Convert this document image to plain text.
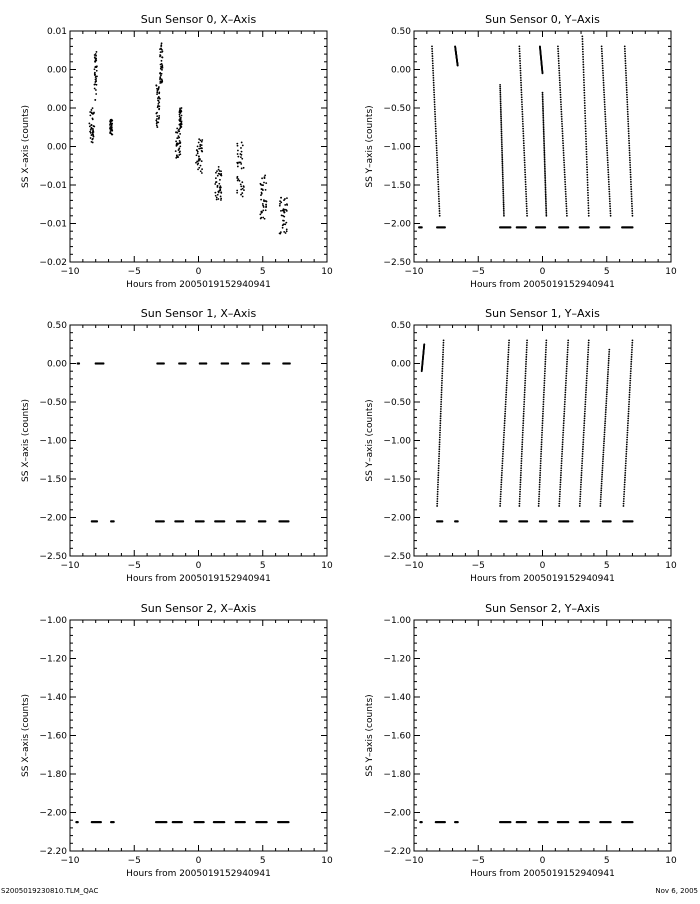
Sun Sensor 0, X–Axis
−10	−5	0	5	10
0.01
0.00
0.00
0.00
−0.01
−0.01
−0.02
Hours from 2005019152940941
SS X–axis (counts)
Sun Sensor 0, Y–Axis
−10	−5	0	5	10
0.50
0.00
−0.50
−1.00
−1.50
−2.00
−2.50
Hours from 2005019152940941
SS Y–axis (counts)
Sun Sensor 1, X–Axis
−10	−5	0	5	10
0.50
0.00
−0.50
−1.00
−1.50
−2.00
−2.50
Hours from 2005019152940941
SS X–axis (counts)
Sun Sensor 1, Y–Axis
−10	−5	0	5	10
0.50
0.00
−0.50
−1.00
−1.50
−2.00
−2.50
Hours from 2005019152940941
SS Y–axis (counts)
Sun Sensor 2, X–Axis
−10	−5	0	5	10
−1.00
−1.20
−1.40
−1.60
−1.80
−2.00
−2.20
Hours from 2005019152940941
SS X–axis (counts)
Sun Sensor 2, Y–Axis
−10	−5	0	5	10
−1.00
−1.20
−1.40
−1.60
−1.80
−2.00
−2.20
Hours from 2005019152940941
SS Y–axis (counts)
S2005019230810.TLM_QAC	Nov 6, 2005
